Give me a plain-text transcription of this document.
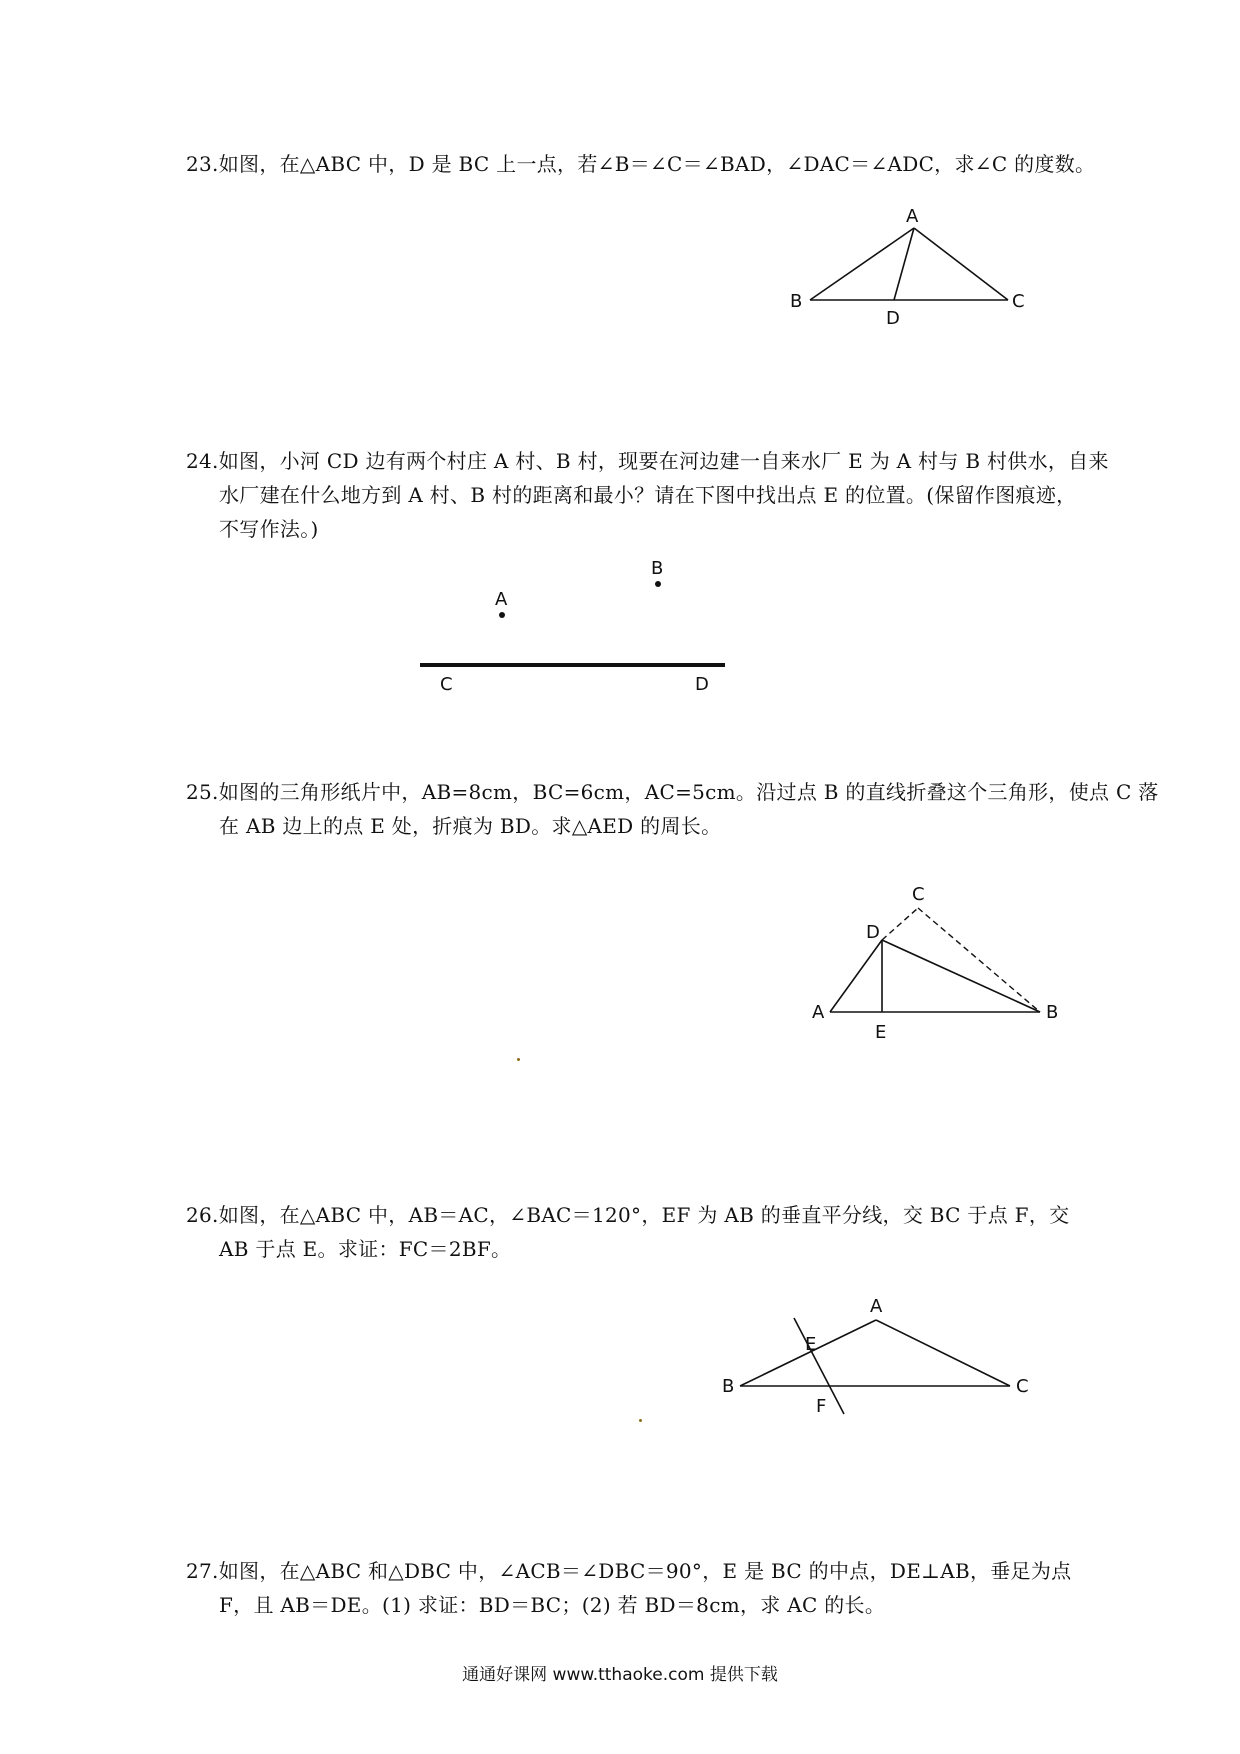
23.如图，在△ABC 中，D 是 BC 上一点，若∠B＝∠C＝∠BAD，∠DAC＝∠ADC，求∠C 的度数。
A
B	C
D
24.如图，小河 CD 边有两个村庄 A 村、B 村，现要在河边建一自来水厂 E 为 A 村与 B 村供水，自来
水厂建在什么地方到 A 村、B 村的距离和最小？请在下图中找出点 E 的位置。(保留作图痕迹，
不写作法。)
A
B
C	D
25.如图的三角形纸片中，AB=8cm，BC=6cm，AC=5cm。沿过点 B 的直线折叠这个三角形，使点 C 落
在 AB 边上的点 E 处，折痕为 BD。求△AED 的周长。
C
D
A	B
E
26.如图，在△ABC 中，AB＝AC，∠BAC＝120°，EF 为 AB 的垂直平分线，交 BC 于点 F，交
AB 于点 E。求证：FC＝2BF。
A
E
B	C
F
27.如图，在△ABC 和△DBC 中，∠ACB＝∠DBC＝90°，E 是 BC 的中点，DE⊥AB，垂足为点
F，且 AB＝DE。(1) 求证：BD＝BC；(2) 若 BD＝8cm，求 AC 的长。
通通好课网 www.tthaoke.com 提供下载
